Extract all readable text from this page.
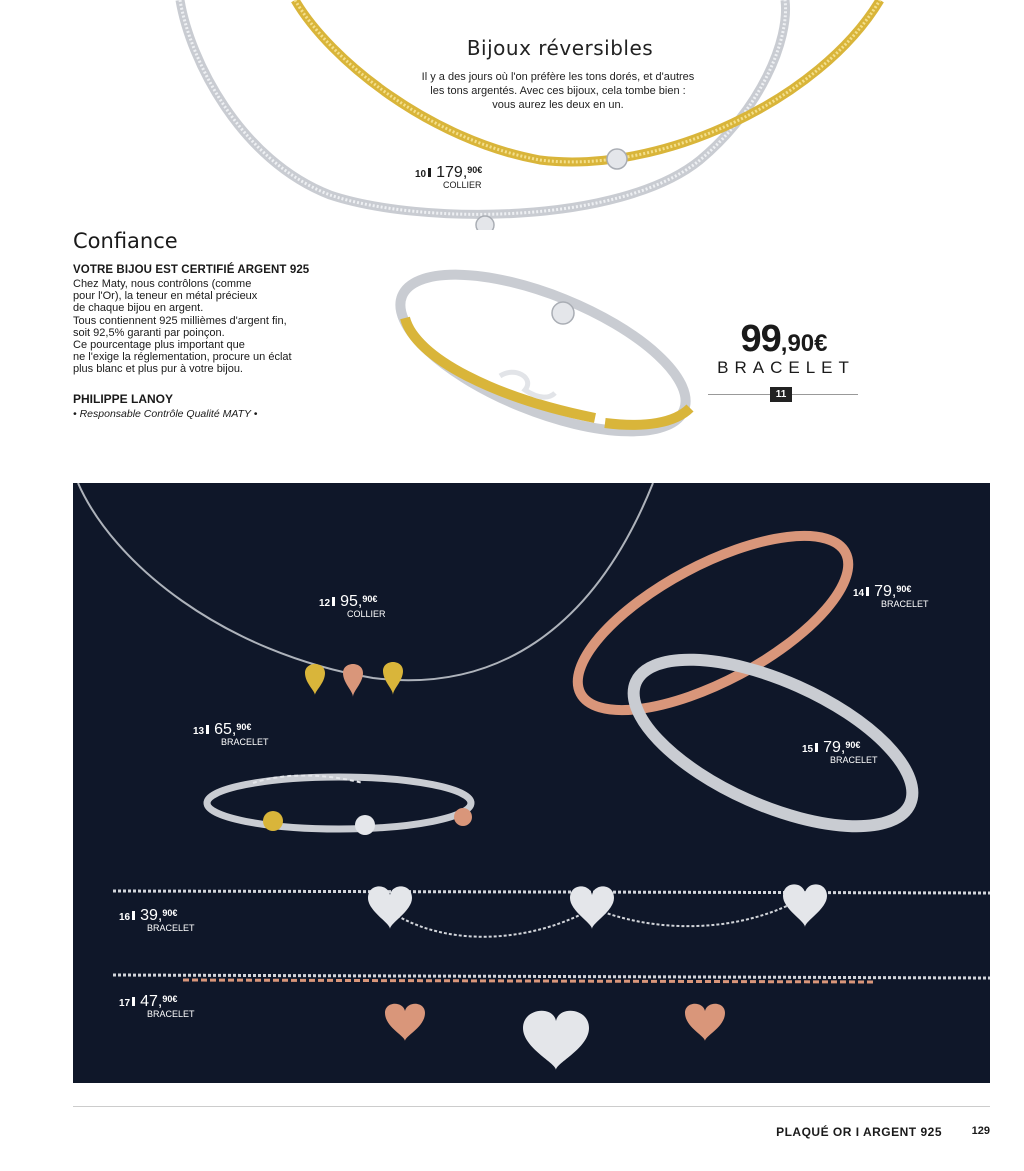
Bijoux réversibles
Il y a des jours où l'on préfère les tons dorés, et d'autres
les tons argentés. Avec ces bijoux, cela tombe bien :
vous aurez les deux en un.
10 179,$^{90€}$
COLLIER
Confiance
VOTRE BIJOU EST CERTIFIÉ ARGENT 925
Chez Maty, nous contrôlons (comme
pour l'Or), la teneur en métal précieux
de chaque bijou en argent.
Tous contiennent 925 millièmes d'argent fin,
soit 92,5% garanti par poinçon.
Ce pourcentage plus important que
ne l'exige la réglementation, procure un éclat
plus blanc et plus pur à votre bijou.
PHILIPPE LANOY
• Responsable Contrôle Qualité MATY •
99,90€
BRACELET
11
12 95,$^{90€}$
COLLIER
13 65,$^{90€}$
BRACELET
14 79,$^{90€}$
BRACELET
15 79,$^{90€}$
BRACELET
16 39,$^{90€}$
BRACELET
17 47,$^{90€}$
BRACELET
PLAQUÉ OR I ARGENT 925	129
